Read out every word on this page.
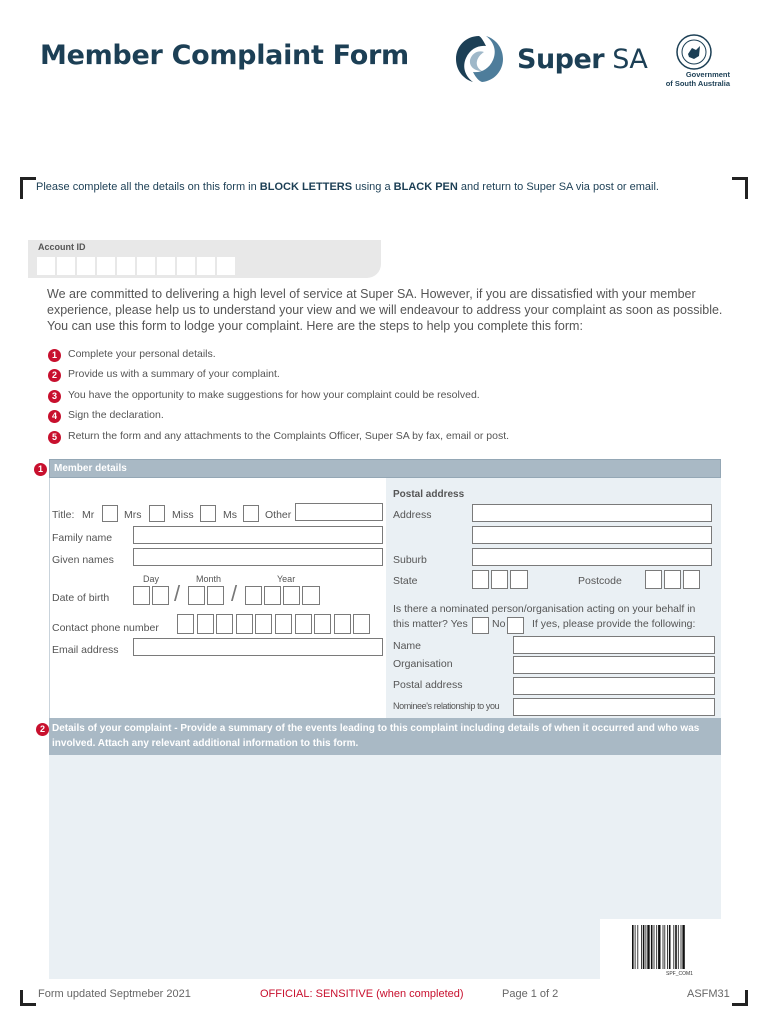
Member Complaint Form	Super SA	Government
of South Australia
Please complete all the details on this form in BLOCK LETTERS using a BLACK PEN and return to Super SA via post or email.
Account ID
We are committed to delivering a high level of service at Super SA. However, if you are dissatisfied with your member experience, please help us to understand your view and we will endeavour to address your complaint as soon as possible. You can use this form to lodge your complaint. Here are the steps to help you complete this form:
1 Complete your personal details.
2 Provide us with a summary of your complaint.
3 You have the opportunity to make suggestions for how your complaint could be resolved.
4 Sign the declaration.
5 Return the form and any attachments to the Complaints Officer, Super SA by fax, email or post.
1	Member details
Title: Mr	Mrs	Miss	Ms	Other
Family name
Given names
Day	Month	Year
Date of birth	/ /
Contact phone number
Email address
Postal address
Address
Suburb
State	Postcode
Is there a nominated person/organisation acting on your behalf in
this matter? Yes No	If yes, please provide the following:
Name
Organisation
Postal address
Nominee's relationship to you
2 Details of your complaint - Provide a summary of the events leading to this complaint including details of when it occurred and who was involved. Attach any relevant additional information to this form.
SPF_COM1
Form updated Septmeber 2021	OFFICIAL: SENSITIVE (when completed)	Page 1 of 2	ASFM31
